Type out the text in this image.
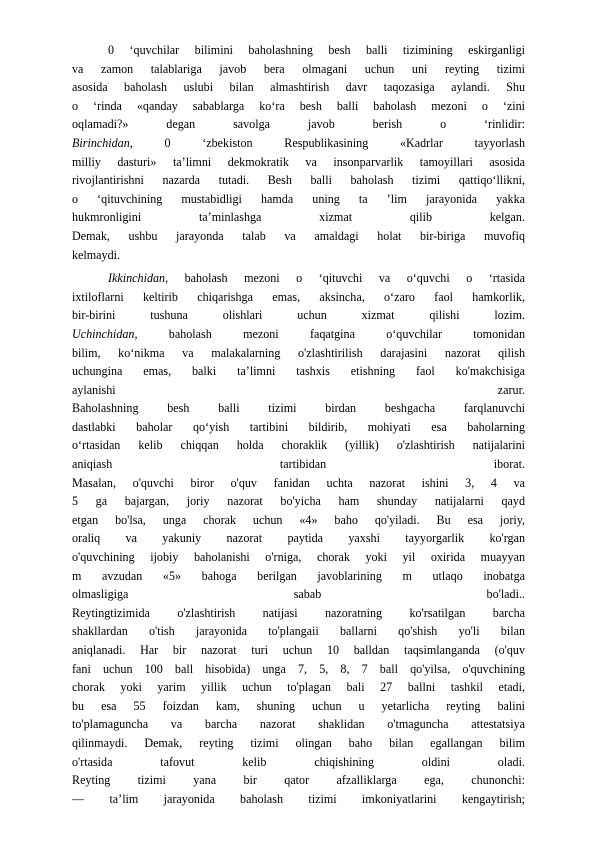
0 ‘quvchilar bilimini baholashning besh balli tizimining eskirganligi
va zamon talablariga javob bera olmagani uchun uni reyting tizimi
asosida baholash uslubi bilan almashtirish davr taqozasiga aylandi. Shu
o ‘rinda «qanday sabablarga ko‘ra besh balli baholash mezoni o ‘zini
oqlamadi?» degan savolga javob berish o ‘rinlidir:
Birinchidan, 0 ‘zbekiston Respublikasining «Kadrlar tayyorlash
milliy dasturi» ta’limni dekmokratik va insonparvarlik tamoyillari asosida
rivojlantirishni nazarda tutadi. Besh balli baholash tizimi qattiqo‘llikni,
o ‘qituvchining mustabidligi hamda uning ta ’lim jarayonida yakka
hukmronligini ta’minlashga xizmat qilib kelgan.
Demak, ushbu jarayonda talab va amaldagi holat bir-biriga muvofiq
kelmaydi.
Ikkinchidan, baholash mezoni o ‘qituvchi va o‘quvchi o ‘rtasida
ixtiloflarni keltirib chiqarishga emas, aksincha, o‘zaro faol hamkorlik,
bir-birini tushuna olishlari uchun xizmat qilishi lozim.
Uchinchidan, baholash mezoni faqatgina o‘quvchilar tomonidan
bilim, ko‘nikma va malakalarning o'zlashtirilish darajasini nazorat qilish
uchungina emas, balki ta’limni tashxis etishning faol ko'makchisiga
aylanishi zarur.
Baholashning besh balli tizimi birdan beshgacha farqlanuvchi
dastlabki baholar qo‘yish tartibini bildirib, mohiyati esa baholarning
o‘rtasidan kelib chiqqan holda choraklik (yillik) o'zlashtirish natijalarini
aniqiash tartibidan iborat.
Masalan, o'quvchi biror o'quv fanidan uchta nazorat ishini 3, 4 va
5 ga bajargan, joriy nazorat bo'yicha ham shunday natijalarni qayd
etgan bo'lsa, unga chorak uchun «4» baho qo'yiladi. Bu esa joriy,
oraliq va yakuniy nazorat paytida yaxshi tayyorgarlik ko'rgan
o'quvchining ijobiy baholanishi o'rniga, chorak yoki yil oxirida muayyan
m avzudan «5» bahoga berilgan javoblarining m utlaqo inobatga
olmasligiga sabab bo'ladi..
Reytingtizimida o'zlashtirish natijasi nazoratning ko'rsatilgan barcha
shakllardan o'tish jarayonida to'plangaii ballarni qo'shish yo'li bilan
aniqlanadi. Har bir nazorat turi uchun 10 balldan taqsimlanganda (o'quv
fani uchun 100 ball hisobida) unga 7, 5, 8, 7 ball qo'yilsa, o'quvchining
chorak yoki yarim yillik uchun to'plagan bali 27 ballni tashkil etadi,
bu esa 55 foizdan kam, shuning uchun u yetarlicha reyting balini
to'plamaguncha va barcha nazorat shaklidan o'tmaguncha attestatsiya
qilinmaydi. Demak, reyting tizimi olingan baho bilan egallangan bilim
o'rtasida tafovut kelib chiqishining oldini oladi.
Reyting tizimi yana bir qator afzalliklarga ega, chunonchi:
— ta’lim jarayonida baholash tizimi imkoniyatlarini kengaytirish;
